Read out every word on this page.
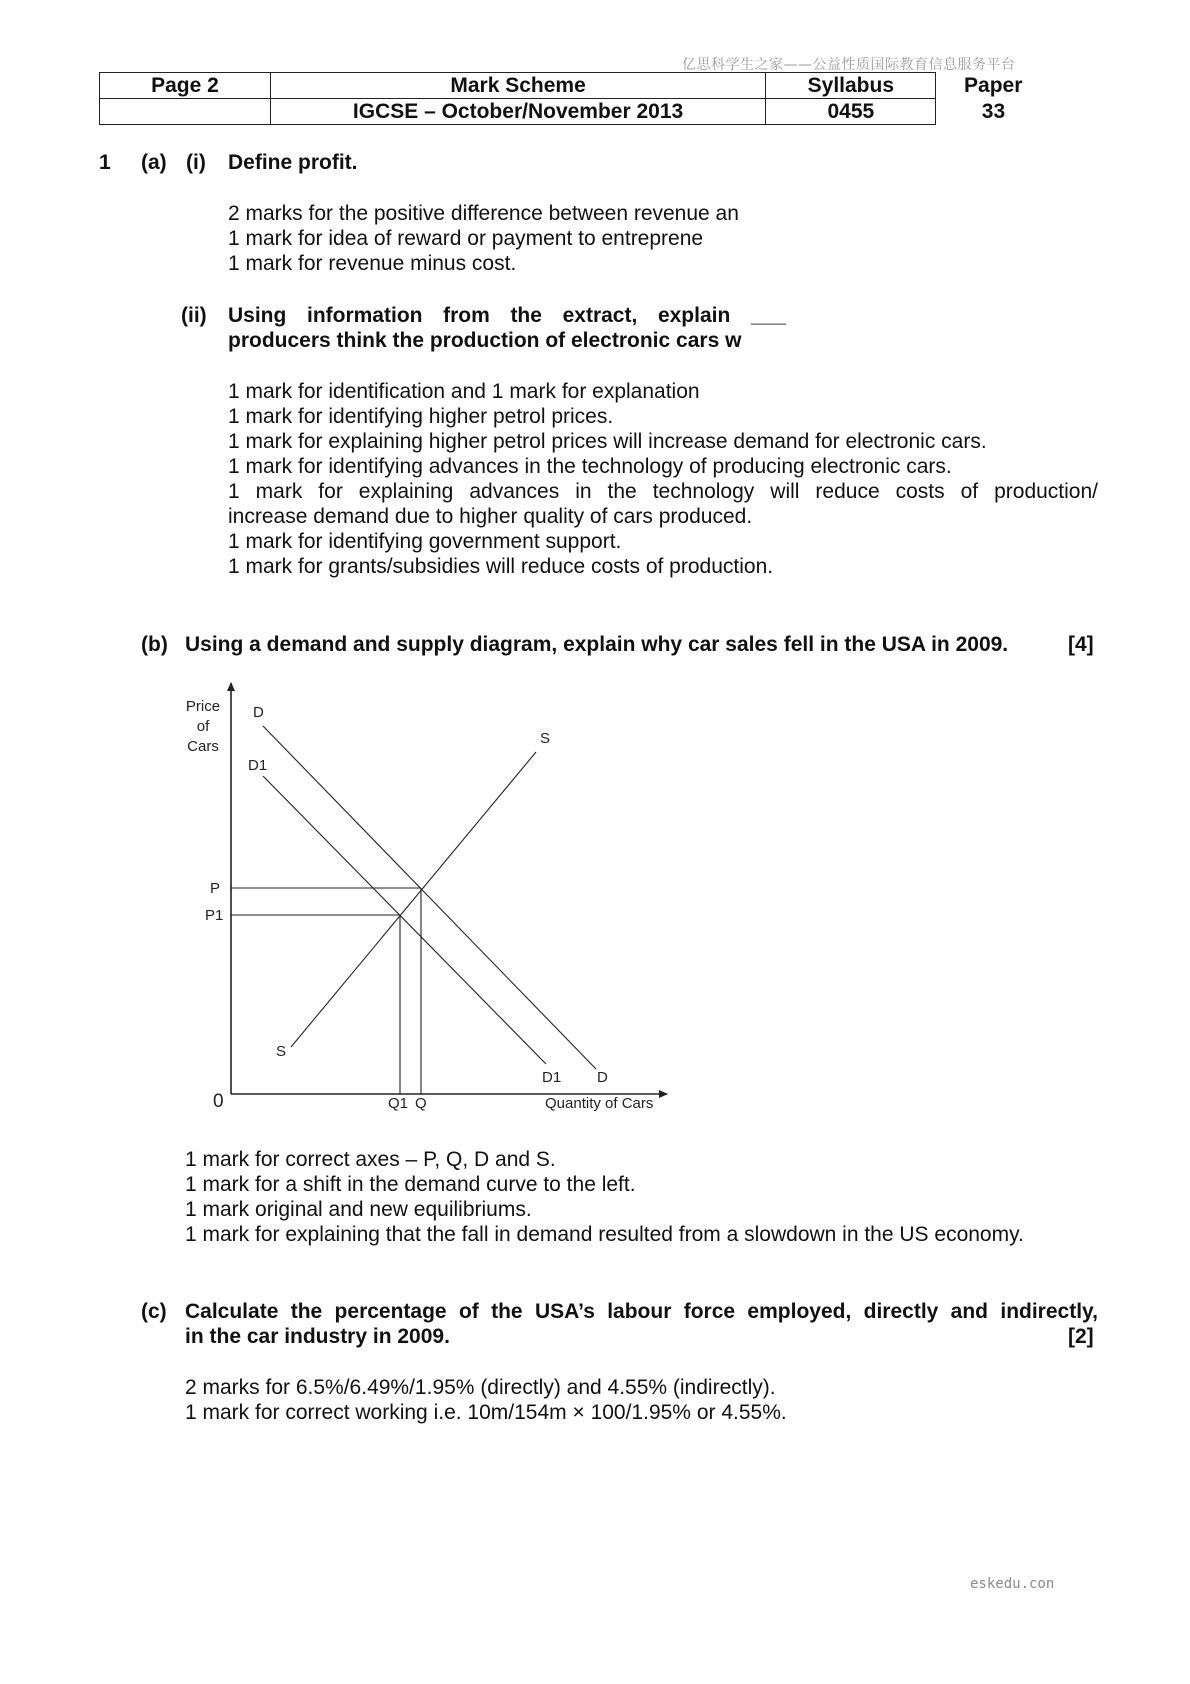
亿思科学生之家——公益性质国际教育信息服务平台
eskedu.con
Page 2	Mark Scheme	Syllabus	Paper
	IGCSE – October/November 2013	0455	33
1 (a) (i) Define profit.
2 marks for the positive difference between revenue an
1 mark for idea of reward or payment to entreprene
1 mark for revenue minus cost.
(ii) Using information from the extract, explain ___
producers think the production of electronic cars w
1 mark for identification and 1 mark for explanation
1 mark for identifying higher petrol prices.
1 mark for explaining higher petrol prices will increase demand for electronic cars.
1 mark for identifying advances in the technology of producing electronic cars.
1 mark for explaining advances in the technology will reduce costs of production/
increase demand due to higher quality of cars produced.
1 mark for identifying government support.
1 mark for grants/subsidies will reduce costs of production.
(b) Using a demand and supply diagram, explain why car sales fell in the USA in 2009.	[4]
Price
of
Cars
D
D1
S
P
P1
S
D1 D
Q1 Q	Quantity of Cars
0
1 mark for correct axes – P, Q, D and S.
1 mark for a shift in the demand curve to the left.
1 mark original and new equilibriums.
1 mark for explaining that the fall in demand resulted from a slowdown in the US economy.
(c) Calculate the percentage of the USA’s labour force employed, directly and indirectly,
in the car industry in 2009.	[2]
2 marks for 6.5%/6.49%/1.95% (directly) and 4.55% (indirectly).
1 mark for correct working i.e. 10m/154m × 100/1.95% or 4.55%.
